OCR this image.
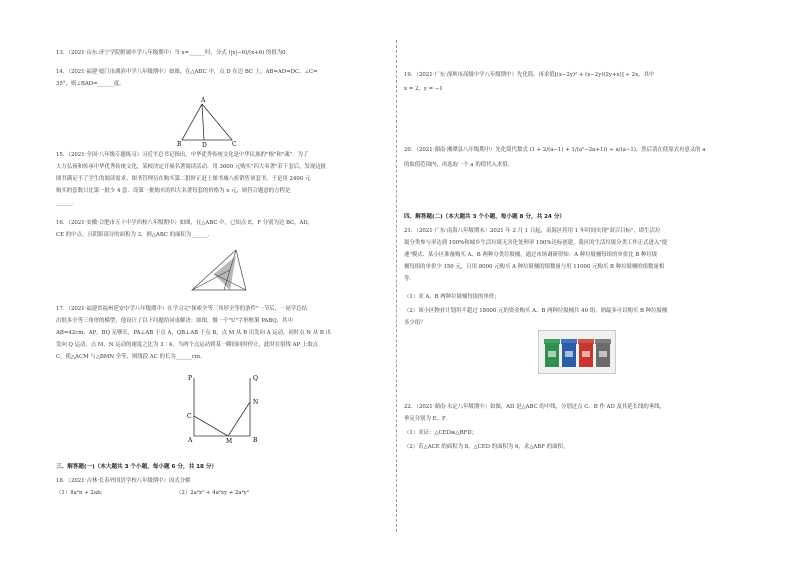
13．（2021·山东·济宁学院附属中学八年级期中）当 x=______时，分式 (|x|−6)/(x+6) 的值为0.
14．（2021·福建·厦门市湖滨中学八年级期中）如图，在△ABC 中，点 D 在边 BC 上，AB=AD=DC，∠C=
35°，则∠BAD=______度。
A
B	D	C
15．（2021·全国·八年级专题练习）习近平总书记指出，中华优秀传统文化是中华民族的"根"和"魂"．为了
大力弘扬和传承中华优秀传统文化，某校决定开展名著阅读活动．用 3600 元购买"四大名著"若干套后，发现这批
图书满足不了学生的阅读需求，图书管理员在购买第二批时正赶上图书城八折销售该套书，于是用 2400 元
购买的套数只比第一批少 4 套．设第一批购买的四大名著每套的价格为 x 元，则符合题意的方程是
______.
16．（2021·安徽·合肥市五十中学西校八年级期中）如图，在△ABC 中，已知点 E，F 分别为边 BC，AD，
CE 的中点，且阴影部分的面积为 3，则△ABC 的面积为______.
17．（2021·福建省福州延安中学八年级期中）在学习完"探索全等三角形全等的条件"一节后，一同学总结
出很多全等三角形的模型，他设计了以下问题给同桌解决：如图，做一个"U"字形框架 PABQ，其中
AB=42cm，AP，BQ 足够长，PA⊥AB 于点 A，QB⊥AB 于点 B，点 M 从 B 出发向 A 运动，同时点 N 从 B 出
发向 Q 运动，点 M，N 运动的速度之比为 3∶4，当两个点运动到某一瞬间同时停止，此时在射线 AP 上取点
C，使△ACM 与△BMN 全等，则线段 AC 的长为______cm.
P	Q
C
N
A	M	B
三、解答题(一)（本大题共 3 个小题，每小题 6 分，共 18 分）
18．（2021·吉林·长春外国语学校八年级期中）因式分解
（1）8a²n + 2ab；	（2）2a²x² + 4a²xy + 2a²y²
19．（2021·广东·深圳市高级中学八年级期中）先化简，再求值[(x−2y)² + (x−2y)(2y+x)] ÷ 2x，其中
x = 2，y = −1
20．（2021·湖南·湘潭县八年级期中）先化简代数式 (1 + 2/(a−1) + 1/(a²−2a+1)) ÷ a/(a−1)，然后请在使原式有意义的 a
的取值范围内，再选取一个 a 的值代入求值。
四、解答题(二)（本大题共 3 个小题，每小题 8 分，共 24 分）
21．（2021·广东·南海八年级期末）2021 年 2 月 1 日起，南海区将用 1 年时间实现"双百目标"，即生活垃
圾分类参与率达到 100%和城乡生活垃圾无害化处理率 100%达标创建，我区的生活垃圾分类工作正式进入"提
速"模式．某小区准备购买 A、B 两种分类垃圾桶，通过市场调研得知：A 种垃圾桶每组的单价比 B 种垃圾
桶每组的单价少 150 元，且用 8000 元购买 A 种垃圾桶的组数量与用 11000 元购买 B 种垃圾桶的组数量相
等．
（1）求 A、B 两种垃圾桶每组的单价；
（2）该小区物业计划用不超过 18000 元的资金购买 A、B 两种垃圾桶共 40 组，则最多可以购买 B 种垃圾桶
多少组？
22．（2021·湖南·永定八年级期中）如图，AD 是△ABC 的中线，分别过点 C、B 作 AD 及其延长线的垂线，
垂足分别为 E、F．
（1）求证：△CED≌△BFD；
（2）若△ACE 的面积为 8，△CED 的面积为 6，求△ABF 的面积。
